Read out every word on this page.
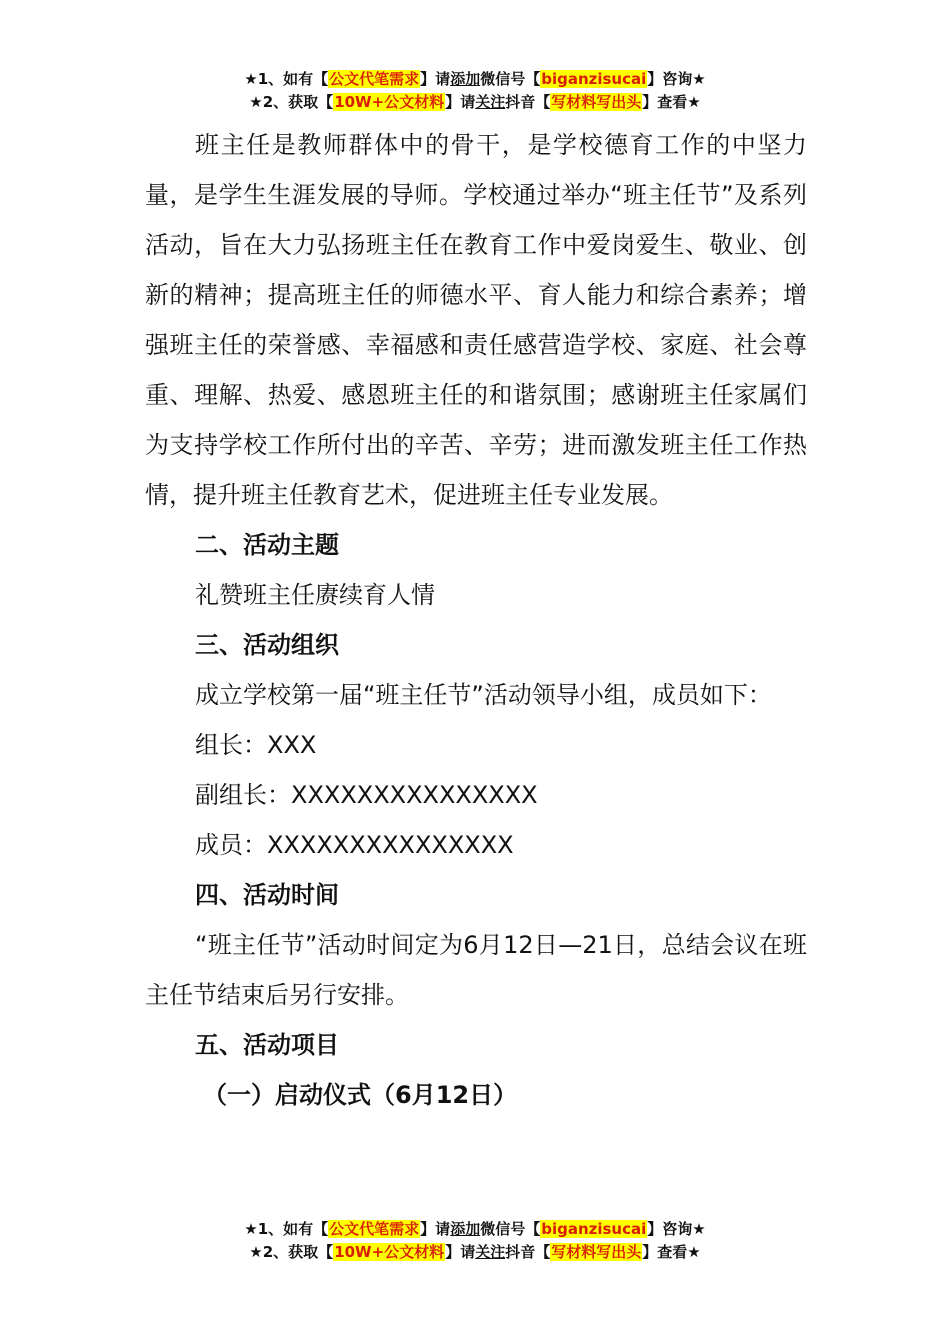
★1、如有【公文代笔需求】请添加微信号【biganzisucai】咨询★
★2、获取【10W+公文材料】请关注抖音【写材料写出头】查看★

班主任是教师群体中的骨干，是学校德育工作的中坚力量，是学生生涯发展的导师。学校通过举办“班主任节”及系列活动，旨在大力弘扬班主任在教育工作中爱岗爱生、敬业、创新的精神；提高班主任的师德水平、育人能力和综合素养；增强班主任的荣誉感、幸福感和责任感营造学校、家庭、社会尊重、理解、热爱、感恩班主任的和谐氛围；感谢班主任家属们为支持学校工作所付出的辛苦、辛劳；进而激发班主任工作热情，提升班主任教育艺术，促进班主任专业发展。

二、活动主题

礼赞班主任赓续育人情

三、活动组织

成立学校第一届“班主任节”活动领导小组，成员如下：

组长：XXX

副组长：XXXXXXXXXXXXXXX

成员：XXXXXXXXXXXXXXX

四、活动时间

“班主任节”活动时间定为6月12日—21日，总结会议在班主任节结束后另行安排。

五、活动项目

（一）启动仪式（6月12日）

★1、如有【公文代笔需求】请添加微信号【biganzisucai】咨询★
★2、获取【10W+公文材料】请关注抖音【写材料写出头】查看★
